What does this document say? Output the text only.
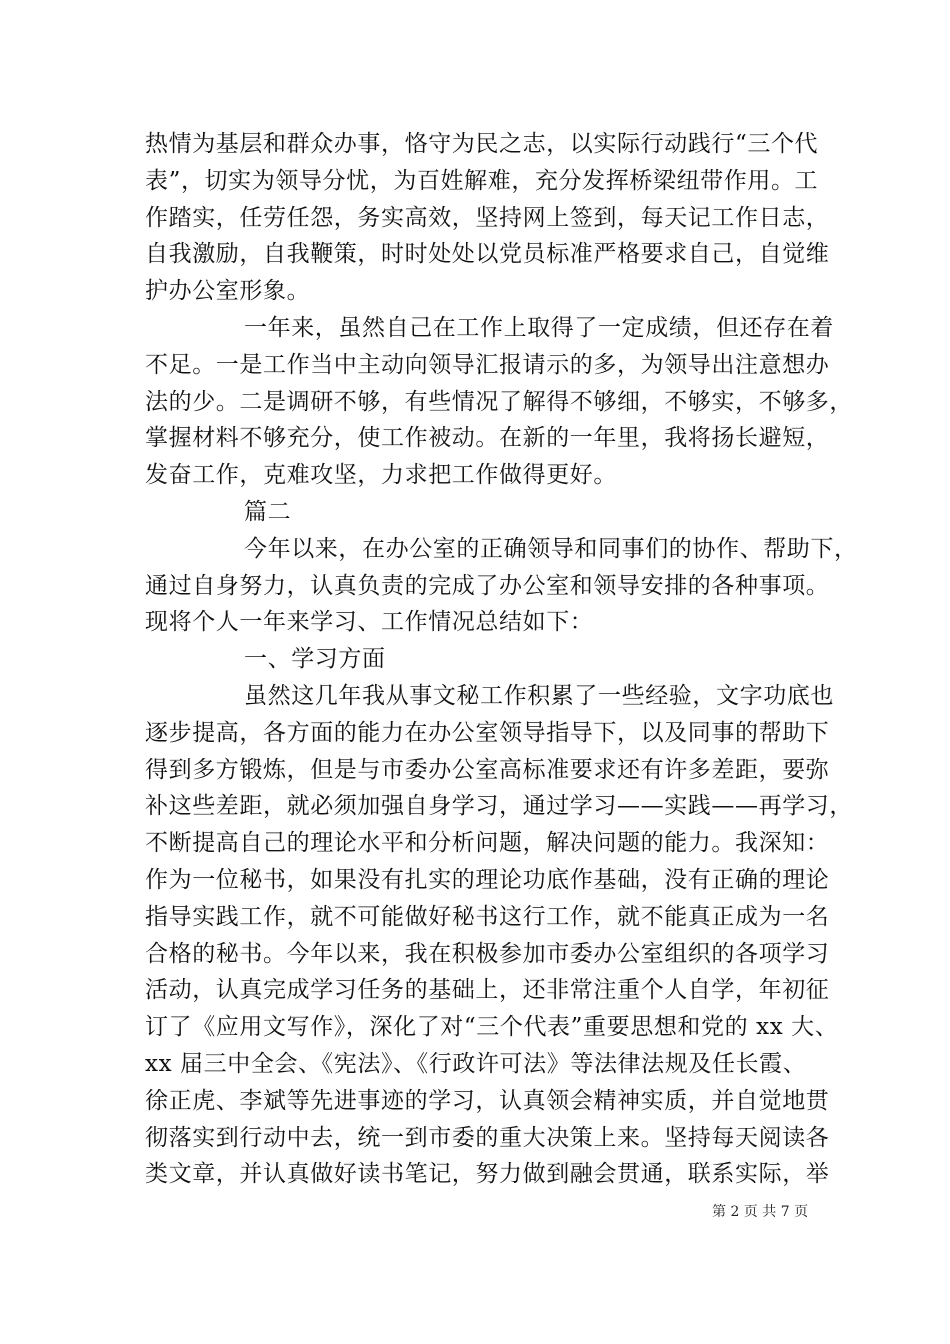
热情为基层和群众办事，恪守为民之志，以实际行动践行“三个代
表”，切实为领导分忧，为百姓解难，充分发挥桥梁纽带作用。工
作踏实，任劳任怨，务实高效，坚持网上签到，每天记工作日志，
自我激励，自我鞭策，时时处处以党员标准严格要求自己，自觉维
护办公室形象。
一年来，虽然自己在工作上取得了一定成绩，但还存在着
不足。一是工作当中主动向领导汇报请示的多，为领导出注意想办
法的少。二是调研不够，有些情况了解得不够细，不够实，不够多，
掌握材料不够充分，使工作被动。在新的一年里，我将扬长避短，
发奋工作，克难攻坚，力求把工作做得更好。
篇二
今年以来，在办公室的正确领导和同事们的协作、帮助下，
通过自身努力，认真负责的完成了办公室和领导安排的各种事项。
现将个人一年来学习、工作情况总结如下：
一、学习方面
虽然这几年我从事文秘工作积累了一些经验，文字功底也
逐步提高，各方面的能力在办公室领导指导下，以及同事的帮助下
得到多方锻炼，但是与市委办公室高标准要求还有许多差距，要弥
补这些差距，就必须加强自身学习，通过学习——实践——再学习，
不断提高自己的理论水平和分析问题，解决问题的能力。我深知：
作为一位秘书，如果没有扎实的理论功底作基础，没有正确的理论
指导实践工作，就不可能做好秘书这行工作，就不能真正成为一名
合格的秘书。今年以来，我在积极参加市委办公室组织的各项学习
活动，认真完成学习任务的基础上，还非常注重个人自学，年初征
订了《应用文写作》，深化了对“三个代表”重要思想和党的 xx 大、
xx 届三中全会、《宪法》、《行政许可法》等法律法规及任长霞、
徐正虎、李斌等先进事迹的学习，认真领会精神实质，并自觉地贯
彻落实到行动中去，统一到市委的重大决策上来。坚持每天阅读各
类文章，并认真做好读书笔记，努力做到融会贯通，联系实际，举
第 2 页 共 7 页
